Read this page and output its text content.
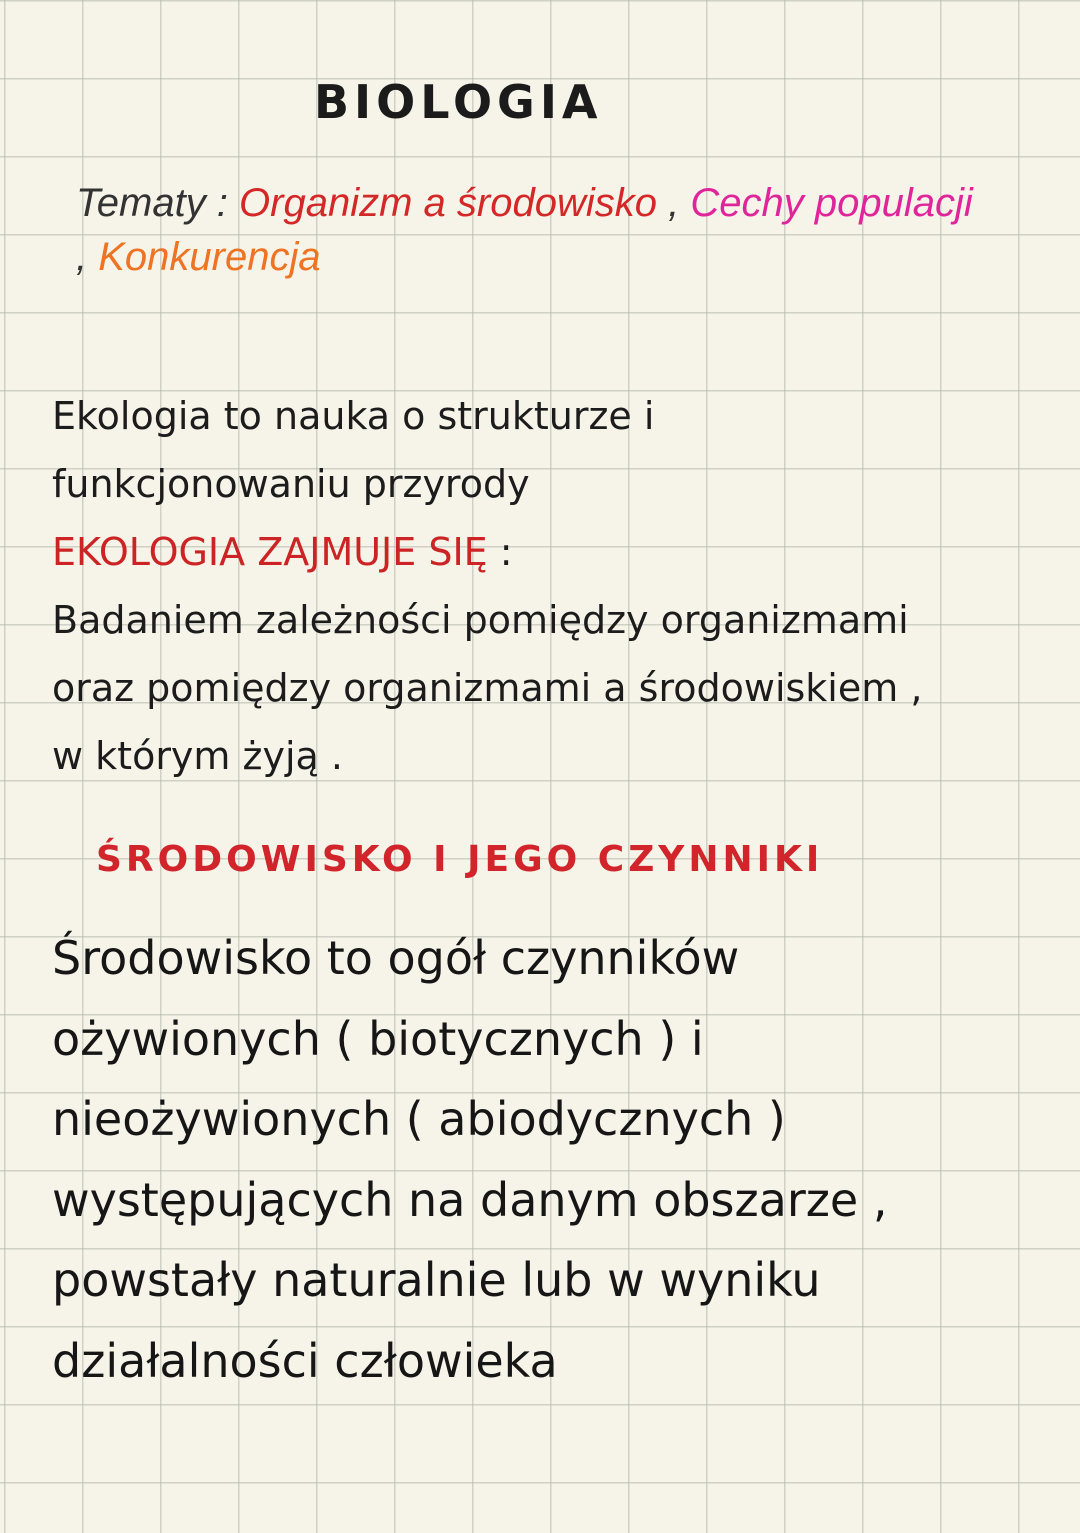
BIOLOGIA

Tematy : Organizm a środowisko , Cechy populacji , Konkurencja

Ekologia to nauka o strukturze i
funkcjonowaniu przyrody
EKOLOGIA ZAJMUJE SIĘ :
Badaniem zależności pomiędzy organizmami
oraz pomiędzy organizmami a środowiskiem ,
w którym żyją .
ŚRODOWISKO I JEGO CZYNNIKI
Środowisko to ogół czynników
ożywionych ( biotycznych ) i
nieożywionych ( abiodycznych )
występujących na danym obszarze ,
powstały naturalnie lub w wyniku
działalności człowieka
